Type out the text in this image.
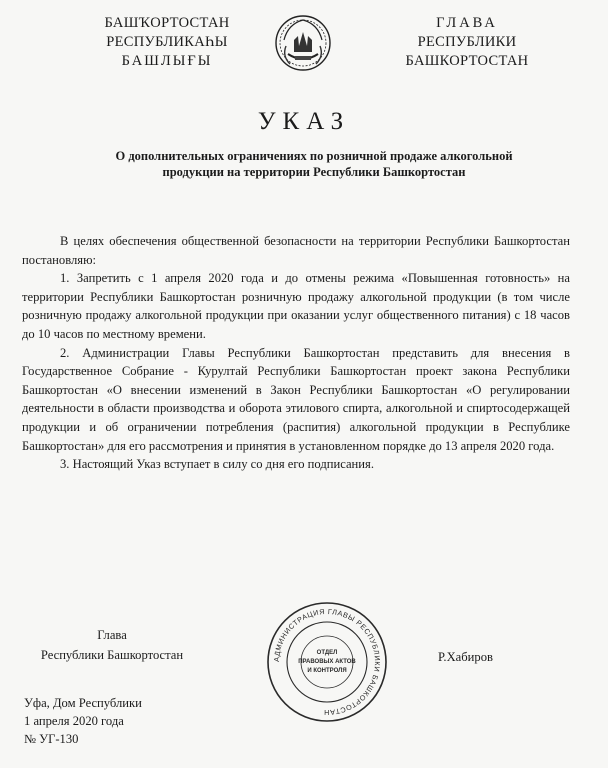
БАШҠОРТОСТАН
РЕСПУБЛИКАҺЫ
БАШЛЫҒЫ
ГЛАВА
РЕСПУБЛИКИ
БАШКОРТОСТАН
УКАЗ
О дополнительных ограничениях по розничной продаже алкогольной
продукции на территории Республики Башкортостан

В целях обеспечения общественной безопасности на территории Республики Башкортостан постановляю:

1. Запретить с 1 апреля 2020 года и до отмены режима «Повышенная готовность» на территории Республики Башкортостан розничную продажу алкогольной продукции (в том числе розничную продажу алкогольной продукции при оказании услуг общественного питания) с 18 часов до 10 часов по местному времени.

2. Администрации Главы Республики Башкортостан представить для внесения в Государственное Собрание - Курултай Республики Башкортостан проект закона Республики Башкортостан «О внесении изменений в Закон Республики Башкортостан «О регулировании деятельности в области производства и оборота этилового спирта, алкогольной и спиртосодержащей продукции и об ограничении потребления (распития) алкогольной продукции в Республике Башкортостан» для его рассмотрения и принятия в установленном порядке до 13 апреля 2020 года.

3. Настоящий Указ вступает в силу со дня его подписания.

Глава
Республики Башкортостан	АДМИНИСТРАЦИЯ ГЛАВЫ РЕСПУБЛИКИ БАШКОРТОСТАН
ОТДЕЛ
ПРАВОВЫХ АКТОВ
И КОНТРОЛЯ
Р.Хабиров
Уфа, Дом Республики
1 апреля 2020 года
№ УГ-130
